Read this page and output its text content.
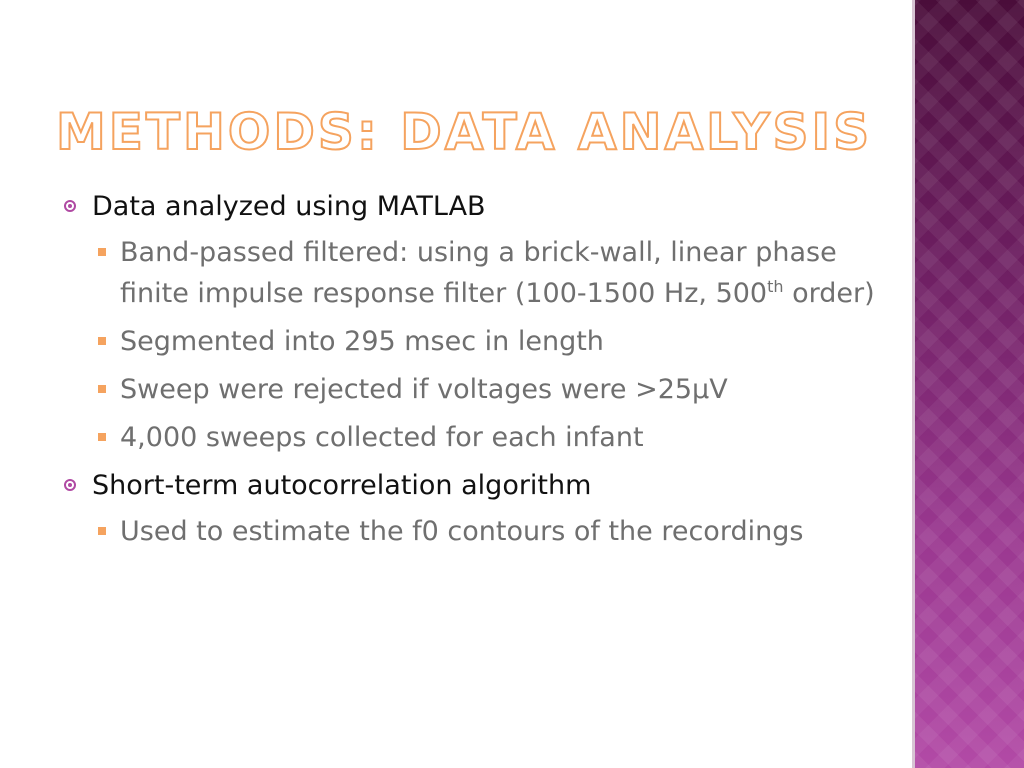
METHODS: DATA ANALYSIS
Data analyzed using MATLAB
Band-passed filtered: using a brick-wall, linear phase finite impulse response filter (100-1500 Hz, 500th order)
Segmented into 295 msec in length
Sweep were rejected if voltages were >25µV
4,000 sweeps collected for each infant
Short-term autocorrelation algorithm
Used to estimate the f0 contours of the recordings
